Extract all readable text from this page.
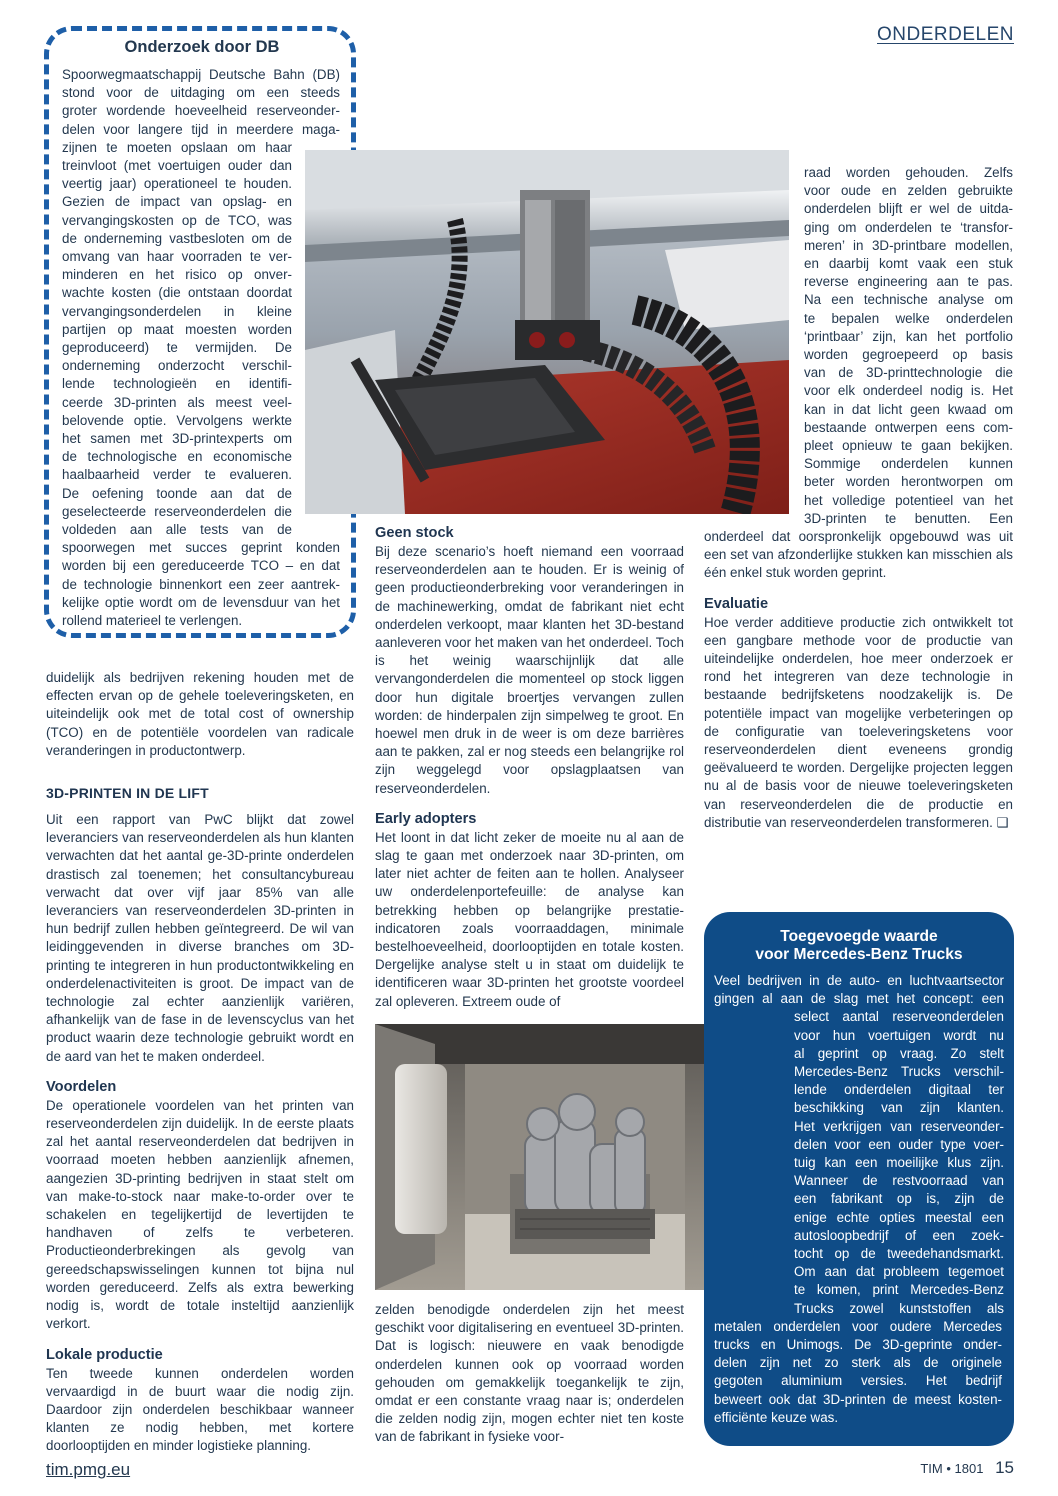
ONDERDELEN

Onderzoek door DB

Spoorwegmaatschappij Deutsche Bahn (DB)
stond voor de uitdaging om een steeds
groter wordende hoeveelheid reserveonder-
delen voor langere tijd in meerdere maga-
zijnen te moeten opslaan om haar
treinvloot (met voertuigen ouder dan
veertig jaar) operationeel te houden.
Gezien de impact van opslag- en
vervangingskosten op de TCO, was
de onderneming vastbesloten om de
omvang van haar voorraden te ver-
minderen en het risico op onver-
wachte kosten (die ontstaan doordat
vervangingsonderdelen in kleine
partijen op maat moesten worden
geproduceerd) te vermijden. De
onderneming onderzocht verschil-
lende technologieën en identifi-
ceerde 3D-printen als meest veel-
belovende optie. Vervolgens werkte
het samen met 3D-printexperts om
de technologische en economische
haalbaarheid verder te evalueren.
De oefening toonde aan dat de
geselecteerde reserveonderdelen die
voldeden aan alle tests van de
spoorwegen met succes geprint konden
worden bij een gereduceerde TCO – en dat
de technologie binnenkort een zeer aantrek-
kelijke optie wordt om de levensduur van het
rollend materieel te verlengen.

duidelijk als bedrijven rekening houden met de effecten ervan op de gehele toeleveringsketen, en uiteindelijk ook met de total cost of ownership (TCO) en de potentiële voordelen van radicale veranderingen in productontwerp.

3D-PRINTEN IN DE LIFT

Uit een rapport van PwC blijkt dat zowel leveranciers van reserveonderdelen als hun klanten verwachten dat het aantal ge-3D-printe onderdelen drastisch zal toenemen; het consultancybureau verwacht dat over vijf jaar 85% van alle leveranciers van reserveonderdelen 3D-printen in hun bedrijf zullen hebben geïntegreerd. De wil van leidinggevenden in diverse branches om 3D-printing te integreren in hun productontwikkeling en onderdelenactiviteiten is groot. De impact van de technologie zal echter aanzienlijk variëren, afhankelijk van de fase in de levenscyclus van het product waarin deze technologie gebruikt wordt en de aard van het te maken onderdeel.

Voordelen

De operationele voordelen van het printen van reserveonderdelen zijn duidelijk. In de eerste plaats zal het aantal reserveonderdelen dat bedrijven in voorraad moeten hebben aanzienlijk afnemen, aangezien 3D-printing bedrijven in staat stelt om van make-to-stock naar make-to-order over te schakelen en tegelijkertijd de levertijden te handhaven of zelfs te verbeteren. Productieonderbrekingen als gevolg van gereedschapswisselingen kunnen tot bijna nul worden gereduceerd. Zelfs als extra bewerking nodig is, wordt de totale insteltijd aanzienlijk verkort.

Lokale productie

Ten tweede kunnen onderdelen worden vervaardigd in de buurt waar die nodig zijn. Daardoor zijn onderdelen beschikbaar wanneer klanten ze nodig hebben, met kortere doorlooptijden en minder logistieke planning.

Geen stock

Bij deze scenario’s hoeft niemand een voorraad reserveonderdelen aan te houden. Er is weinig of geen productieonderbreking voor veranderingen in de machinewerking, omdat de fabrikant niet echt onderdelen verkoopt, maar klanten het 3D-bestand aanleveren voor het maken van het onderdeel. Toch is het weinig waarschijnlijk dat alle vervangonderdelen die momenteel op stock liggen door hun digitale broertjes vervangen zullen worden: de hinderpalen zijn simpelweg te groot. En hoewel men druk in de weer is om deze barrières aan te pakken, zal er nog steeds een belangrijke rol zijn weggelegd voor opslagplaatsen van reserveonderdelen.

Early adopters

Het loont in dat licht zeker de moeite nu al aan de slag te gaan met onderzoek naar 3D-printen, om later niet achter de feiten aan te hollen. Analyseer uw onderdelenportefeuille: de analyse kan betrekking hebben op belangrijke prestatie-indicatoren zoals voorraaddagen, minimale bestelhoeveelheid, doorlooptijden en totale kosten. Dergelijke analyse stelt u in staat om duidelijk te identificeren waar 3D-printen het grootste voordeel zal opleveren. Extreem oude of

zelden benodigde onderdelen zijn het meest geschikt voor digitalisering en eventueel 3D-printen. Dat is logisch: nieuwere en vaak benodigde onderdelen kunnen ook op voorraad worden gehouden om gemakkelijk toegankelijk te zijn, omdat er een constante vraag naar is; onderdelen die zelden nodig zijn, mogen echter niet ten koste van de fabrikant in fysieke voor-

raad worden gehouden. Zelfs
voor oude en zelden gebruikte
onderdelen blijft er wel de uitda-
ging om onderdelen te ‘transfor-
meren’ in 3D-printbare modellen,
en daarbij komt vaak een stuk
reverse engineering aan te pas.
Na een technische analyse om
te bepalen welke onderdelen
‘printbaar’ zijn, kan het portfolio
worden gegroepeerd op basis
van de 3D-printtechnologie die
voor elk onderdeel nodig is. Het
kan in dat licht geen kwaad om
bestaande ontwerpen eens com-
pleet opnieuw te gaan bekijken.
Sommige onderdelen kunnen
beter worden herontworpen om
het volledige potentieel van het
3D-printen te benutten. Een

onderdeel dat oorspronkelijk opgebouwd was uit een set van afzonderlijke stukken kan misschien als één enkel stuk worden geprint.

Evaluatie

Hoe verder additieve productie zich ontwikkelt tot een gangbare methode voor de productie van uiteindelijke onderdelen, hoe meer onderzoek er rond het integreren van deze technologie in bestaande bedrijfsketens noodzakelijk is. De potentiële impact van mogelijke verbeteringen op de configuratie van toeleveringsketens voor reserveonderdelen dient eveneens grondig geëvalueerd te worden. Dergelijke projecten leggen nu al de basis voor de nieuwe toeleveringsketen van reserveonderdelen die de productie en distributie van reserveonderdelen transformeren. ❑

Toegevoegde waarde

voor Mercedes-Benz Trucks

Veel bedrijven in de auto- en luchtvaartsector
gingen al aan de slag met het concept: een
select aantal reserveonderdelen
voor hun voertuigen wordt nu
al geprint op vraag. Zo stelt
Mercedes-Benz Trucks verschil-
lende onderdelen digitaal ter
beschikking van zijn klanten.
Het verkrijgen van reserveonder-
delen voor een ouder type voer-
tuig kan een moeilijke klus zijn.
Wanneer de restvoorraad van
een fabrikant op is, zijn de
enige echte opties meestal een
autosloopbedrijf of een zoek-
tocht op de tweedehandsmarkt.
Om aan dat probleem tegemoet
te komen, print Mercedes-Benz
Trucks zowel kunststoffen als
metalen onderdelen voor oudere Mercedes
trucks en Unimogs. De 3D-geprinte onder-
delen zijn net zo sterk als de originele
gegoten aluminium versies. Het bedrijf
beweert ook dat 3D-printen de meest kosten-
efficiënte keuze was.
tim.pmg.eu	TIM • 1801 15
